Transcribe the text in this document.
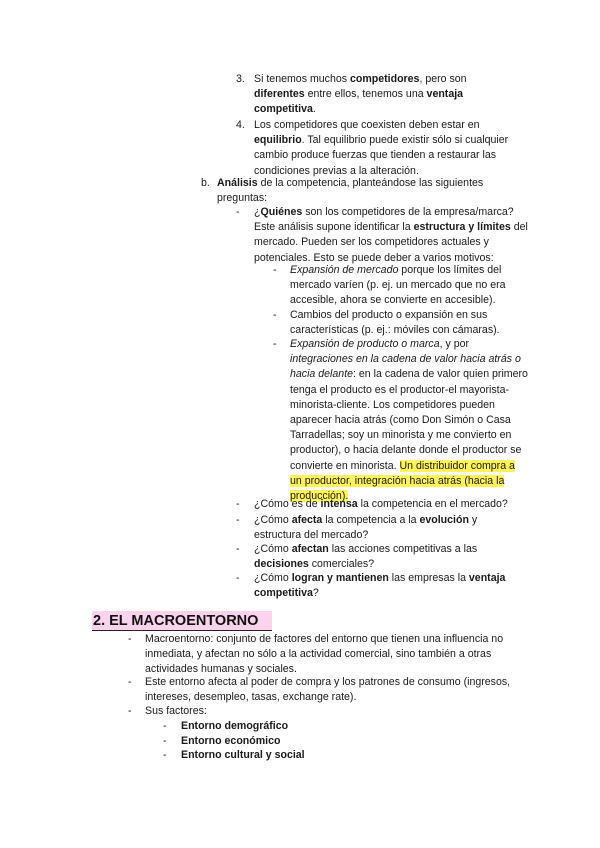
3. Si tenemos muchos competidores, pero son diferentes entre ellos, tenemos una ventaja competitiva.

4. Los competidores que coexisten deben estar en equilibrio. Tal equilibrio puede existir sólo si cualquier cambio produce fuerzas que tienden a restaurar las condiciones previas a la alteración.

b. Análisis de la competencia, planteándose las siguientes preguntas:

- ¿Quiénes son los competidores de la empresa/marca? Este análisis supone identificar la estructura y límites del mercado. Pueden ser los competidores actuales y potenciales. Esto se puede deber a varios motivos:

- Expansión de mercado porque los límites del mercado varíen (p. ej. un mercado que no era accesible, ahora se convierte en accesible).

- Cambios del producto o expansión en sus características (p. ej.: móviles con cámaras).

- Expansión de producto o marca, y por integraciones en la cadena de valor hacia atrás o hacia delante: en la cadena de valor quien primero tenga el producto es el productor-el mayorista-minorista-cliente. Los competidores pueden aparecer hacia atrás (como Don Simón o Casa Tarradellas; soy un minorista y me convierto en productor), o hacia delante donde el productor se convierte en minorista. Un distribuidor compra a un productor, integración hacia atrás (hacia la producción).

- ¿Cómo es de intensa la competencia en el mercado?

- ¿Cómo afecta la competencia a la evolución y estructura del mercado?

- ¿Cómo afectan las acciones competitivas a las decisiones comerciales?

- ¿Cómo logran y mantienen las empresas la ventaja competitiva?

2. EL MACROENTORNO
- Macroentorno: conjunto de factores del entorno que tienen una influencia no inmediata, y afectan no sólo a la actividad comercial, sino también a otras actividades humanas y sociales.

- Este entorno afecta al poder de compra y los patrones de consumo (ingresos, intereses, desempleo, tasas, exchange rate).

- Sus factores:

- Entorno demográfico

- Entorno económico

- Entorno cultural y social
